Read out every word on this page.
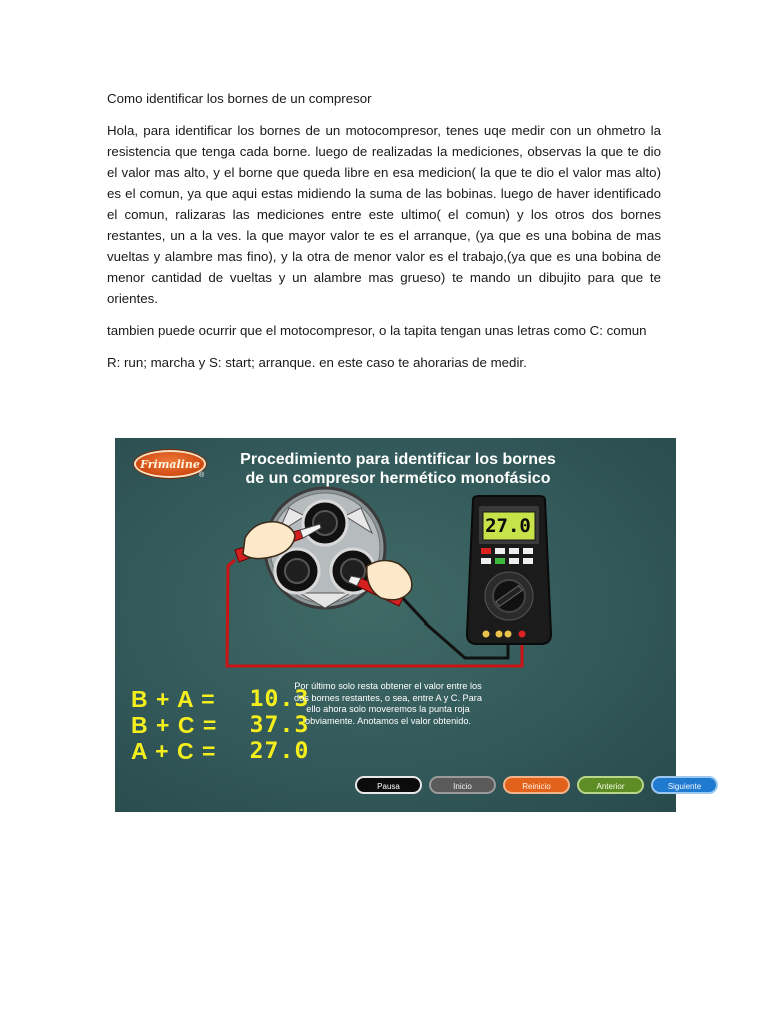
Como identificar los bornes de un compresor

Hola, para identificar los bornes de un motocompresor, tenes uqe medir con un ohmetro la resistencia que tenga cada borne. luego de realizadas la mediciones, observas la que te dio el valor mas alto, y el borne que queda libre en esa medicion( la que te dio el valor mas alto) es el comun, ya que aqui estas midiendo la suma de las bobinas. luego de haver identificado el comun, ralizaras las mediciones entre este ultimo( el comun) y los otros dos bornes restantes, un a la ves. la que mayor valor te es el arranque, (ya que es una bobina de mas vueltas y alambre mas fino), y la otra de menor valor es el trabajo,(ya que es una bobina de menor cantidad de vueltas y un alambre mas grueso) te mando un dibujito para que te orientes.

tambien puede ocurrir que el motocompresor, o la tapita tengan unas letras como C: comun

R: run; marcha y S: start; arranque. en este caso te ahorarias de medir.

27.0
Frimaline
®
Procedimiento para identificar los bornes
de un compresor hermético monofásico
B + A =	10.3
B + C =	37.3
A + C =	27.0
Por último solo resta obtener el valor entre los dos bornes restantes, o sea, entre A y C. Para ello ahora solo moveremos la punta roja obviamente. Anotamos el valor obtenido.
Pausa	Inicio	Reinicio	Anterior	Siguiente
